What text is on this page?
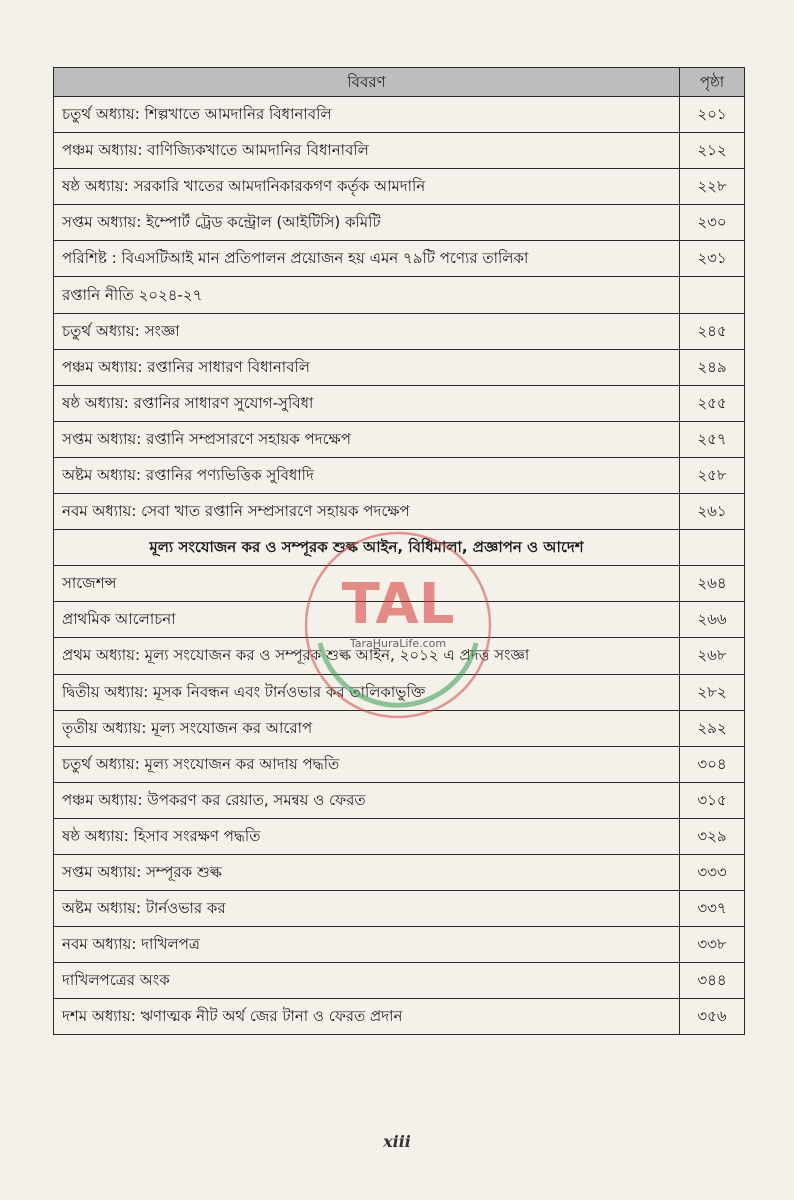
বিবরণ	পৃষ্ঠা
চতুর্থ অধ্যায়: শিল্পখাতে আমদানির বিধানাবলি	২০১
পঞ্চম অধ্যায়: বাণিজ্যিকখাতে আমদানির বিধানাবলি	২১২
ষষ্ঠ অধ্যায়: সরকারি খাতের আমদানিকারকগণ কর্তৃক আমদানি	২২৮
সপ্তম অধ্যায়: ইম্পোর্ট ট্রেড কন্ট্রোল (আইটিসি) কমিটি	২৩০
পরিশিষ্ট : বিএসটিআই মান প্রতিপালন প্রয়োজন হয় এমন ৭৯টি পণ্যের তালিকা	২৩১
রপ্তানি নীতি ২০২৪-২৭	
চতুর্থ অধ্যায়: সংজ্ঞা	২৪৫
পঞ্চম অধ্যায়: রপ্তানির সাধারণ বিধানাবলি	২৪৯
ষষ্ঠ অধ্যায়: রপ্তানির সাধারণ সুযোগ-সুবিধা	২৫৫
সপ্তম অধ্যায়: রপ্তানি সম্প্রসারণে সহায়ক পদক্ষেপ	২৫৭
অষ্টম অধ্যায়: রপ্তানির পণ্যভিত্তিক সুবিধাদি	২৫৮
নবম অধ্যায়: সেবা খাত রপ্তানি সম্প্রসারণে সহায়ক পদক্ষেপ	২৬১
মূল্য সংযোজন কর ও সম্পূরক শুল্ক আইন, বিধিমালা, প্রজ্ঞাপন ও আদেশ	
সাজেশন্স	২৬৪
প্রাথমিক আলোচনা	২৬৬
প্রথম অধ্যায়: মূল্য সংযোজন কর ও সম্পূরক শুল্ক আইন, ২০১২ এ প্রদত্ত সংজ্ঞা	২৬৮
দ্বিতীয় অধ্যায়: মূসক নিবন্ধন এবং টার্নওভার কর তালিকাভুক্তি	২৮২
তৃতীয় অধ্যায়: মূল্য সংযোজন কর আরোপ	২৯২
চতুর্থ অধ্যায়: মূল্য সংযোজন কর আদায় পদ্ধতি	৩০৪
পঞ্চম অধ্যায়: উপকরণ কর রেয়াত, সমন্বয় ও ফেরত	৩১৫
ষষ্ঠ অধ্যায়: হিসাব সংরক্ষণ পদ্ধতি	৩২৯
সপ্তম অধ্যায়: সম্পূরক শুল্ক	৩৩৩
অষ্টম অধ্যায়: টার্নওভার কর	৩৩৭
নবম অধ্যায়: দাখিলপত্র	৩৩৮
দাখিলপত্রের অংক	৩৪৪
দশম অধ্যায়: ঋণাত্মক নীট অর্থ জের টানা ও ফেরত প্রদান	৩৫৬
TAL
TaraHuraLife.com
xiii
